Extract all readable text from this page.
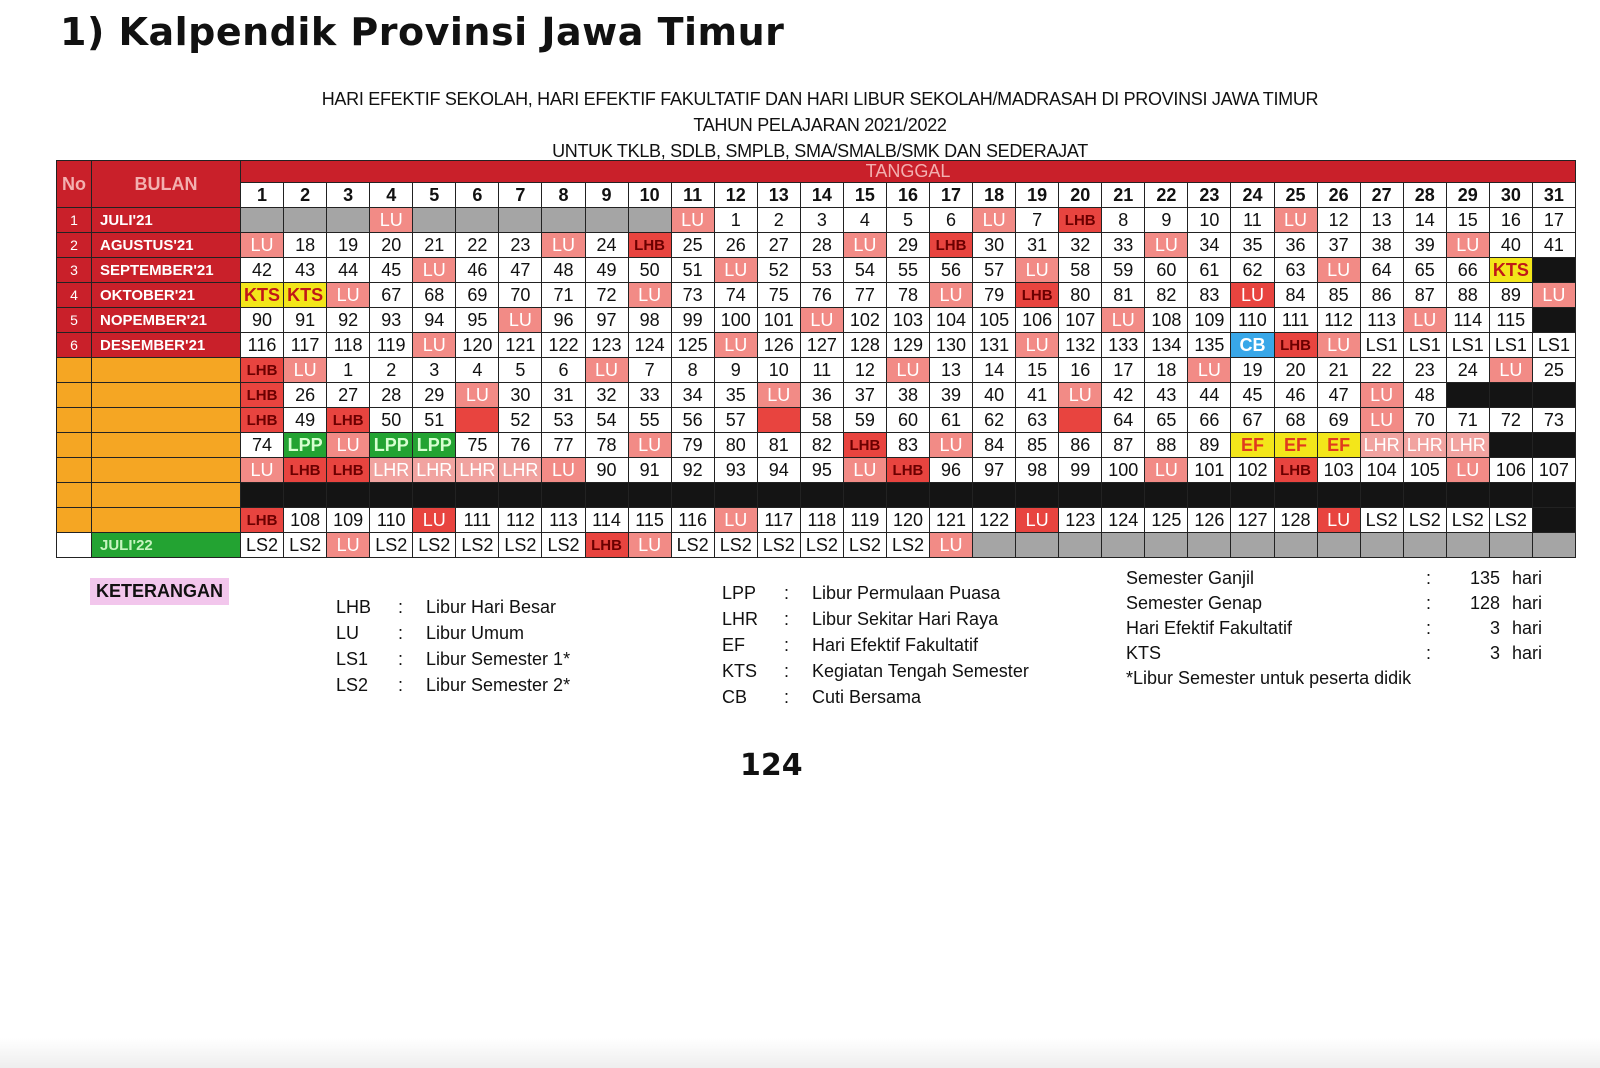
1) Kalpendik Provinsi Jawa Timur
HARI EFEKTIF SEKOLAH, HARI EFEKTIF FAKULTATIF DAN HARI LIBUR SEKOLAH/MADRASAH DI PROVINSI JAWA TIMUR
TAHUN PELAJARAN 2021/2022
UNTUK TKLB, SDLB, SMPLB, SMA/SMALB/SMK DAN SEDERAJAT
No	BULAN	TANGGAL																														
		1	2	3	4	5	6	7	8	9	10	11	12	13	14	15	16	17	18	19	20	21	22	23	24	25	26	27	28	29	30	31
1	JULI'21				LU							LU	1	2	3	4	5	6	LU	7	LHB	8	9	10	11	LU	12	13	14	15	16	17
2	AGUSTUS'21	LU	18	19	20	21	22	23	LU	24	LHB	25	26	27	28	LU	29	LHB	30	31	32	33	LU	34	35	36	37	38	39	LU	40	41
3	SEPTEMBER'21	42	43	44	45	LU	46	47	48	49	50	51	LU	52	53	54	55	56	57	LU	58	59	60	61	62	63	LU	64	65	66	KTS	
4	OKTOBER'21	KTS	KTS	LU	67	68	69	70	71	72	LU	73	74	75	76	77	78	LU	79	LHB	80	81	82	83	LU	84	85	86	87	88	89	LU
5	NOPEMBER'21	90	91	92	93	94	95	LU	96	97	98	99	100	101	LU	102	103	104	105	106	107	LU	108	109	110	111	112	113	LU	114	115	
6	DESEMBER'21	116	117	118	119	LU	120	121	122	123	124	125	LU	126	127	128	129	130	131	LU	132	133	134	135	CB	LHB	LU	LS1	LS1	LS1	LS1	LS1
		LHB	LU	1	2	3	4	5	6	LU	7	8	9	10	11	12	LU	13	14	15	16	17	18	LU	19	20	21	22	23	24	LU	25
		LHB	26	27	28	29	LU	30	31	32	33	34	35	LU	36	37	38	39	40	41	LU	42	43	44	45	46	47	LU	48			
		LHB	49	LHB	50	51		52	53	54	55	56	57		58	59	60	61	62	63		64	65	66	67	68	69	LU	70	71	72	73
		74	LPP	LU	LPP	LPP	75	76	77	78	LU	79	80	81	82	LHB	83	LU	84	85	86	87	88	89	EF	EF	EF	LHR	LHR	LHR		
		LU	LHB	LHB	LHR	LHR	LHR	LHR	LU	90	91	92	93	94	95	LU	LHB	96	97	98	99	100	LU	101	102	LHB	103	104	105	LU	106	107

		LHB	108	109	110	LU	111	112	113	114	115	116	LU	117	118	119	120	121	122	LU	123	124	125	126	127	128	LU	LS2	LS2	LS2	LS2	
	JULI'22	LS2	LS2	LU	LS2	LS2	LS2	LS2	LS2	LHB	LU	LS2	LS2	LS2	LS2	LS2	LS2	LU														
KETERANGAN
LHB	:	Libur Hari Besar
LU	:	Libur Umum
LS1	:	Libur Semester 1*
LS2	:	Libur Semester 2*
LPP	:	Libur Permulaan Puasa
LHR	:	Libur Sekitar Hari Raya
EF	:	Hari Efektif Fakultatif
KTS	:	Kegiatan Tengah Semester
CB	:	Cuti Bersama
Semester Ganjil	:	135 hari
Semester Genap	:	128 hari
Hari Efektif Fakultatif	:	3 hari
KTS	:	3 hari
*Libur Semester untuk peserta didik
124
